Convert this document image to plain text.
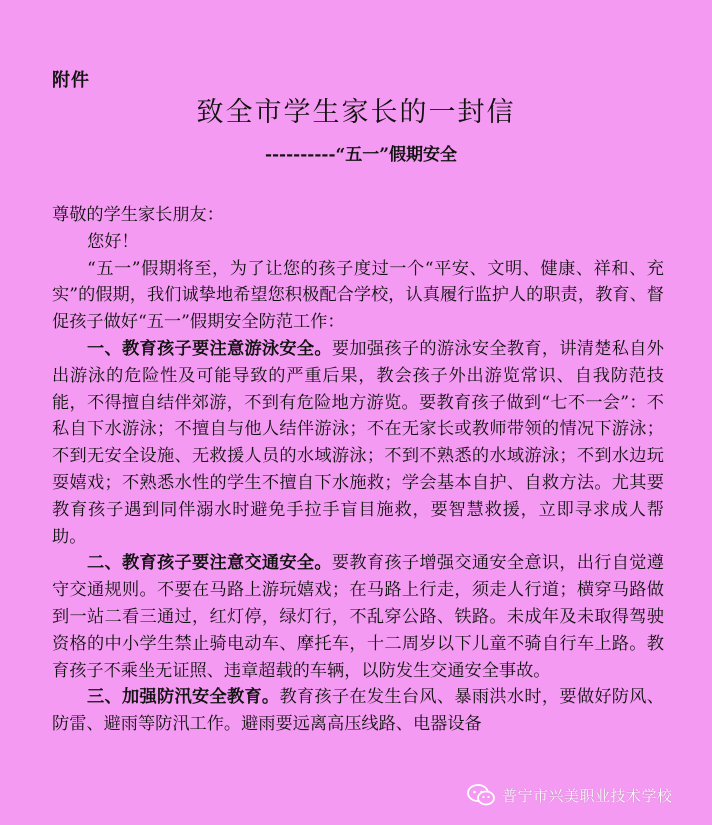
附件
致全市学生家长的一封信
----------“五一”假期安全

尊敬的学生家长朋友：

您好！

“五一”假期将至，为了让您的孩子度过一个“平安、文明、健康、祥和、充实”的假期，我们诚挚地希望您积极配合学校，认真履行监护人的职责，教育、督促孩子做好“五一”假期安全防范工作：

一、教育孩子要注意游泳安全。要加强孩子的游泳安全教育，讲清楚私自外出游泳的危险性及可能导致的严重后果，教会孩子外出游览常识、自我防范技能，不得擅自结伴郊游，不到有危险地方游览。要教育孩子做到“七不一会”：不私自下水游泳；不擅自与他人结伴游泳；不在无家长或教师带领的情况下游泳；不到无安全设施、无救援人员的水域游泳；不到不熟悉的水域游泳；不到水边玩耍嬉戏；不熟悉水性的学生不擅自下水施救；学会基本自护、自救方法。尤其要教育孩子遇到同伴溺水时避免手拉手盲目施救，要智慧救援，立即寻求成人帮助。

二、教育孩子要注意交通安全。要教育孩子增强交通安全意识，出行自觉遵守交通规则。不要在马路上游玩嬉戏；在马路上行走，须走人行道；横穿马路做到一站二看三通过，红灯停，绿灯行，不乱穿公路、铁路。未成年及未取得驾驶资格的中小学生禁止骑电动车、摩托车，十二周岁以下儿童不骑自行车上路。教育孩子不乘坐无证照、违章超载的车辆，以防发生交通安全事故。

三、加强防汛安全教育。教育孩子在发生台风、暴雨洪水时，要做好防风、防雷、避雨等防汛工作。避雨要远离高压线路、电器设备

普宁市兴美职业技术学校
